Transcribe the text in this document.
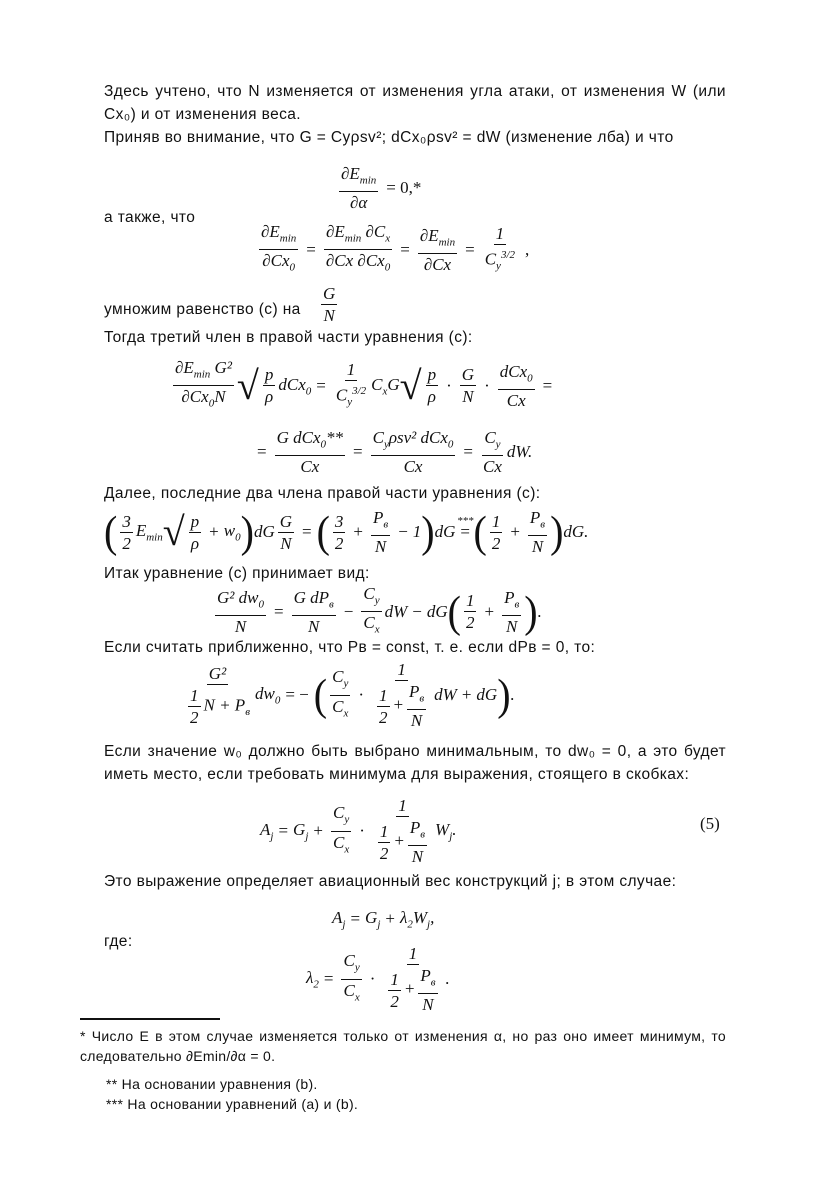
Здесь учтено, что N изменяется от изменения угла атаки, от изменения W (или Cx₀) и от изменения веса.
Приняв во внимание, что G = Cyρsv²; dCx₀ρsv² = dW (изменение лба) и что
$\frac{\partial E_{min}}{\partial\alpha} = 0,*$
а также, что
$\frac{\partial E_{min}}{\partial Cx_0} = \frac{\partial E_{min} \partial C_x}{\partial Cx \partial Cx_0} = \frac{\partial E_{min}}{\partial Cx} = \frac{1}{C_y^{3/2}}$ ,
умножим равенство (с) на	$\frac{G}{N}$
Тогда третий член в правой части уравнения (с):
$\frac{\partial E_{min} G^2}{\partial Cx_0N}$ √ $\frac{p}{\rho} dCx_0 = \frac{1}{C_y^{3/2}} C_xG$ √ $\frac{p}{\rho} \cdot \frac{G}{N} \cdot \frac{dCx_0}{Cx}$ =
= $\frac{G dCx_0**}{Cx} = \frac{C_y\rho sv^2 dCx_0}{Cx} = \frac{C_y}{Cx}$ dW.
Далее, последние два члена правой части уравнения (с):
( $\frac{3}{2} E_{min}$ √ $\frac{p}{\rho} + w_0$ ) dG $\frac{G}{N}$ = ( $\frac{3}{2} + \frac{P_в}{N} - 1$ ) dG =
*** ( $\frac{1}{2} + \frac{P_в}{N}$ ) dG.
Итак уравнение (с) принимает вид:
$\frac{G^2 dw_0}{N} = \frac{G dP_в}{N} - \frac{C_y}{C_x}$ dW − dG ( $\frac{1}{2} + \frac{P_в}{N}$ ) .
Если считать приближенно, что Pв = const, т. е. если dPв = 0, то:
$\frac{\text{G²}}{\frac{1}{2} N + P_в} dw_0$ = − ( $\frac{C_y}{C_x} \cdot \frac{1}{\frac{1}{2} + \frac{P_в}{N}}$ dW + dG ) .
Если значение w₀ должно быть выбрано минимальным, то dw₀ = 0, а это будет иметь место, если требовать минимума для выражения, стоящего в скобках:
$A_j = G_j + \frac{C_y}{C_x} \cdot \frac{1}{\frac{1}{2} + \frac{P_в}{N}} W_j$.	(5)
Это выражение определяет авиационный вес конструкций j; в этом случае:
$A_j = G_j + \lambda_2W_j$,
где:
$\lambda_2 = \frac{C_y}{C_x} \cdot \frac{1}{\frac{1}{2} + \frac{P_в}{N}}$ .
* Число E в этом случае изменяется только от изменения α, но раз оно имеет минимум, то следовательно ∂Emin/∂α = 0.
** На основании уравнения (b).
*** На основании уравнений (а) и (b).
